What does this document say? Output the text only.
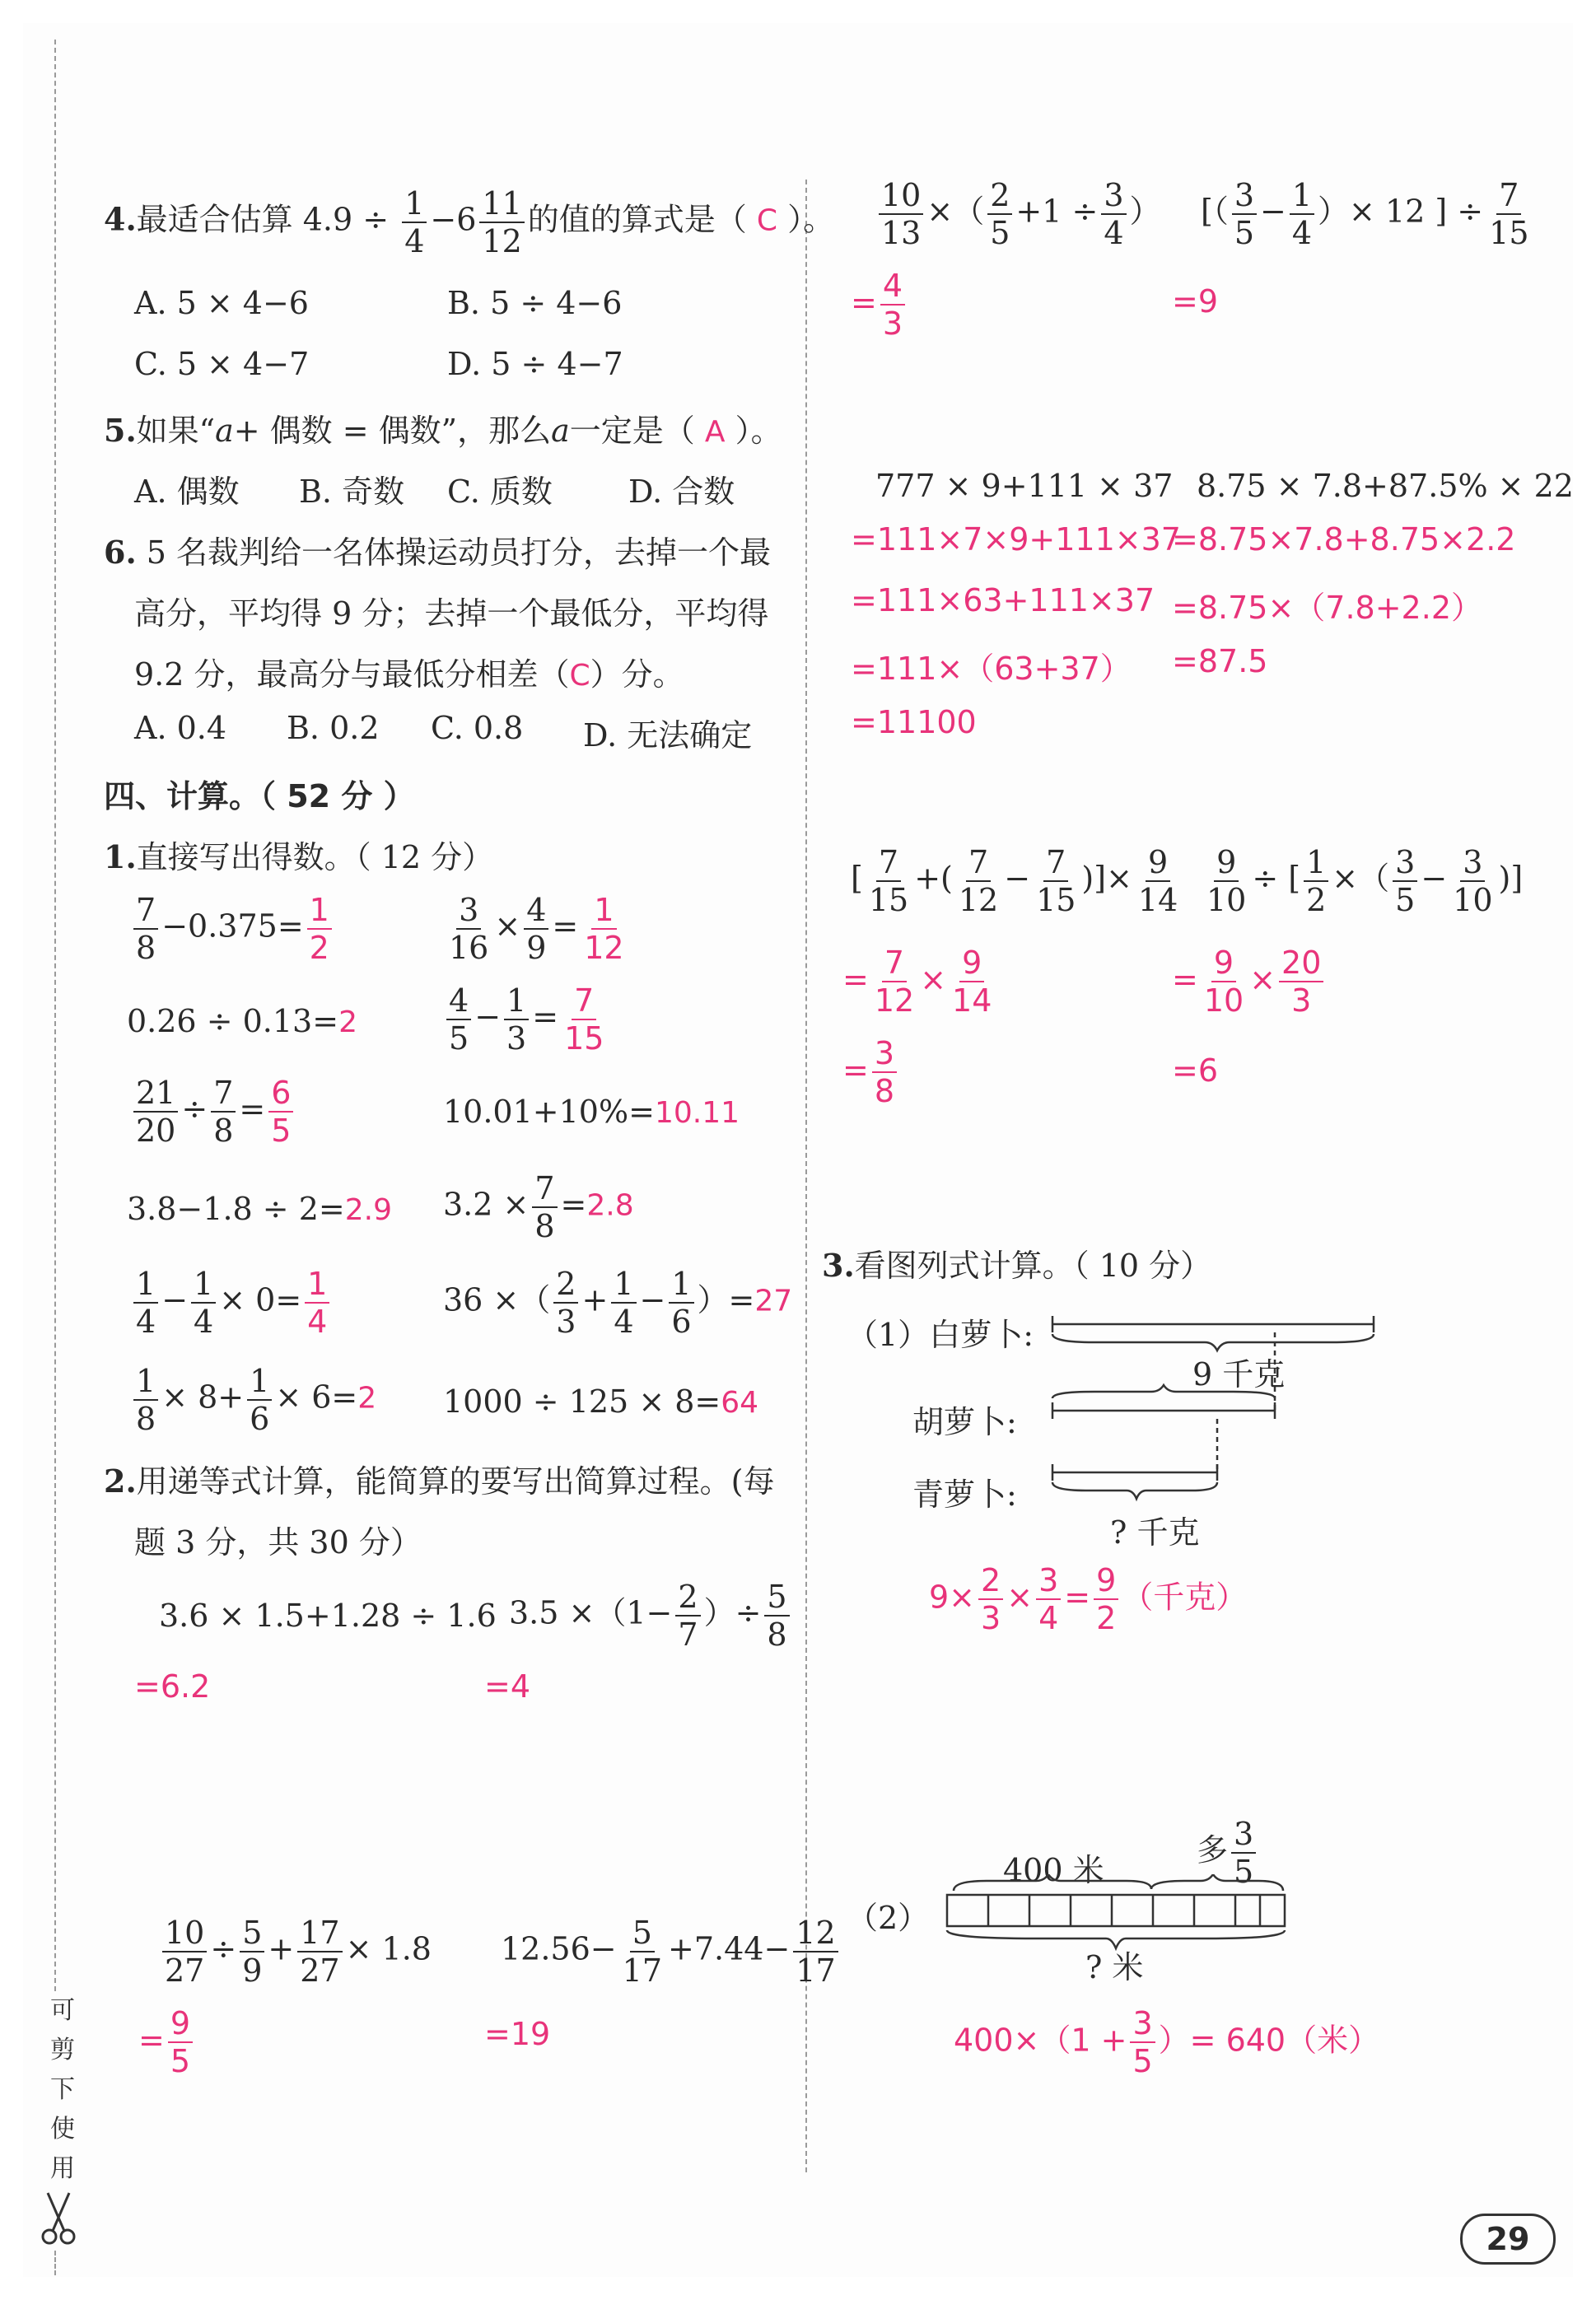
可
剪
下
使
用
4.最适合估算 $4.9 \div \frac{1}{4} -6 \frac{11}{12}$ 的值的算式是（ C ）。
A. 5 × 4−6	B. 5 ÷ 4−6
C. 5 × 4−7	D. 5 ÷ 4−7
5.如果“a+ 偶数 = 偶数”，那么a一定是（ A ）。
A. 偶数 B. 奇数 C. 质数 D. 合数
6. 5 名裁判给一名体操运动员打分，去掉一个最
高分，平均得 9 分；去掉一个最低分，平均得
9.2 分，最高分与最低分相差（C）分。
A. 0.4 B. 0.2 C. 0.8 D. 无法确定
四、计算。（ 52 分 ）
1.直接写出得数。（ 12 分）
$\frac{7}{8} -0.375= \frac{1}{2}$	$\frac{3}{16} \times \frac{4}{9} = \frac{1}{12}$
0.26 ÷ 0.13=2	$\frac{4}{5} - \frac{1}{3} = \frac{7}{15}$
$\frac{21}{20} \div \frac{7}{8} = \frac{6}{5}$	10.01+10%=10.11
3.8−1.8 ÷ 2=2.9 $3.2 \times \frac{7}{8} =2.8$
$\frac{1}{4} - \frac{1}{4} \times 0= \frac{1}{4}$	36 ×（ $\frac{2}{3} + \frac{1}{4} - \frac{1}{6} )=27$
$\frac{1}{8} \times 8+ \frac{1}{6} \times 6=2$ 1000 ÷ 125 × 8=64
2.用递等式计算，能简算的要写出简算过程。(每
题 3 分，共 30 分）
3.6 × 1.5+1.28 ÷ 1.6
=6.2
$3.5 \times(1- \frac{2}{7}$ ）÷ $\frac{5}{8}$
=4
$\frac{10}{27} \div \frac{5}{9} + \frac{17}{27} \times 1.8$
= $\frac{9}{5}$
$12.56- \frac{5}{17} +7.44- \frac{12}{17}$
=19
$\frac{10}{13}$ ×（ $\frac{2}{5} +1 \div \frac{3}{4}$ ）
= $\frac{4}{3}$
[（ $\frac{3}{5} - \frac{1}{4}$ ）× 12 ] ÷ $\frac{7}{15}$
=9
777 × 9+111 × 37
=111×7×9+111×37
=111×63+111×37
=111×（63+37）
=11100
8.75 × 7.8+87.5% × 22
=8.75×7.8+8.75×2.2
=8.75×（7.8+2.2）
=87.5
[ $\frac{7}{15}$ +( $\frac{7}{12} - \frac{7}{15}$ )]× $\frac{9}{14}$
= $\frac{7}{12} \times \frac{9}{14}$
= $\frac{3}{8}$
$\frac{9}{10}$ ÷ [ $\frac{1}{2}$ ×（ $\frac{3}{5} - \frac{3}{10}$ )]
= $\frac{9}{10} \times \frac{20}{3}$
=6
3.看图列式计算。（ 10 分）
（1）白萝卜:
胡萝卜:
青萝卜:
9 千克
? 千克
$9\times \frac{2}{3} \times \frac{3}{4} = \frac{9}{2}$ （千克）
（2）
400 米
多 $\frac{3}{5}$
? 米
$400\times(1 + \frac{3}{5}$ ）= 640（米）
29
